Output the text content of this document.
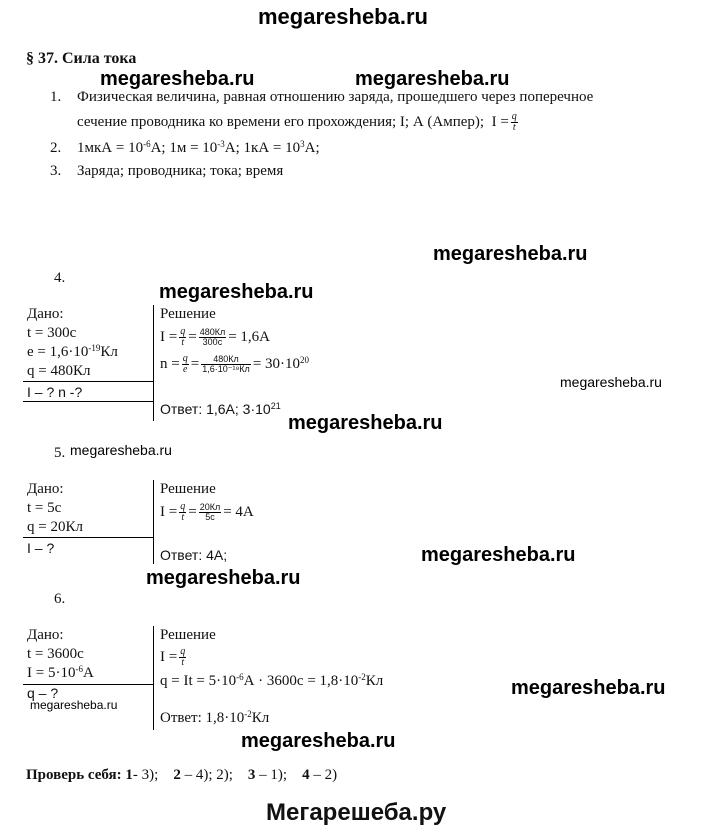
megaresheba.ru
§ 37. Сила тока
megaresheba.ru	megaresheba.ru
1. Физическая величина, равная отношению заряда, прошедшего через поперечное
сечение проводника ко времени его прохождения; I; А (Ампер); $I = \frac{q}{t}$
2. $1мкА = 10^{-6}А$; $1м = 10^{-3}А$; $1кА = 10^3А$;
3. Заряда; проводника; тока; время
megaresheba.ru
4.
megaresheba.ru
Дано:
t = 300с
$е = 1,6\cdot 10^{-19}Кл$
q = 480Кл
I – ? n -?
Решение
$I = \frac{q}{t} = \frac{480Кл}{300с} = 1,6А$
$n = \frac{q}{e} = \frac{480Кл}{\text{1,6·10⁻¹⁹Кл}} = 30\cdot 10^{20}$
megaresheba.ru
Ответ: 1,6А; $3\cdot 10^{21}$
megaresheba.ru
5. megaresheba.ru
Дано:
t = 5с
q = 20Кл
I – ?
Решение
$I = \frac{q}{t} = \frac{20Кл}{5с} = 4А$
Ответ: 4А;	megaresheba.ru
megaresheba.ru
6.
Дано:
t = 3600с
$I = 5\cdot 10^{-6}А$
q – ?
megaresheba.ru
Решение
$I = \frac{q}{t}$
$q = It = 5\cdot 10^{-6}А \cdot 3600с = 1,8\cdot 10^{-2}Кл$	megaresheba.ru
Ответ: $1,8\cdot 10^{-2}Кл$
megaresheba.ru
Проверь себя: 1- 3); 2 – 4); 2); 3 – 1); 4 – 2)
Мегарешеба.ру
